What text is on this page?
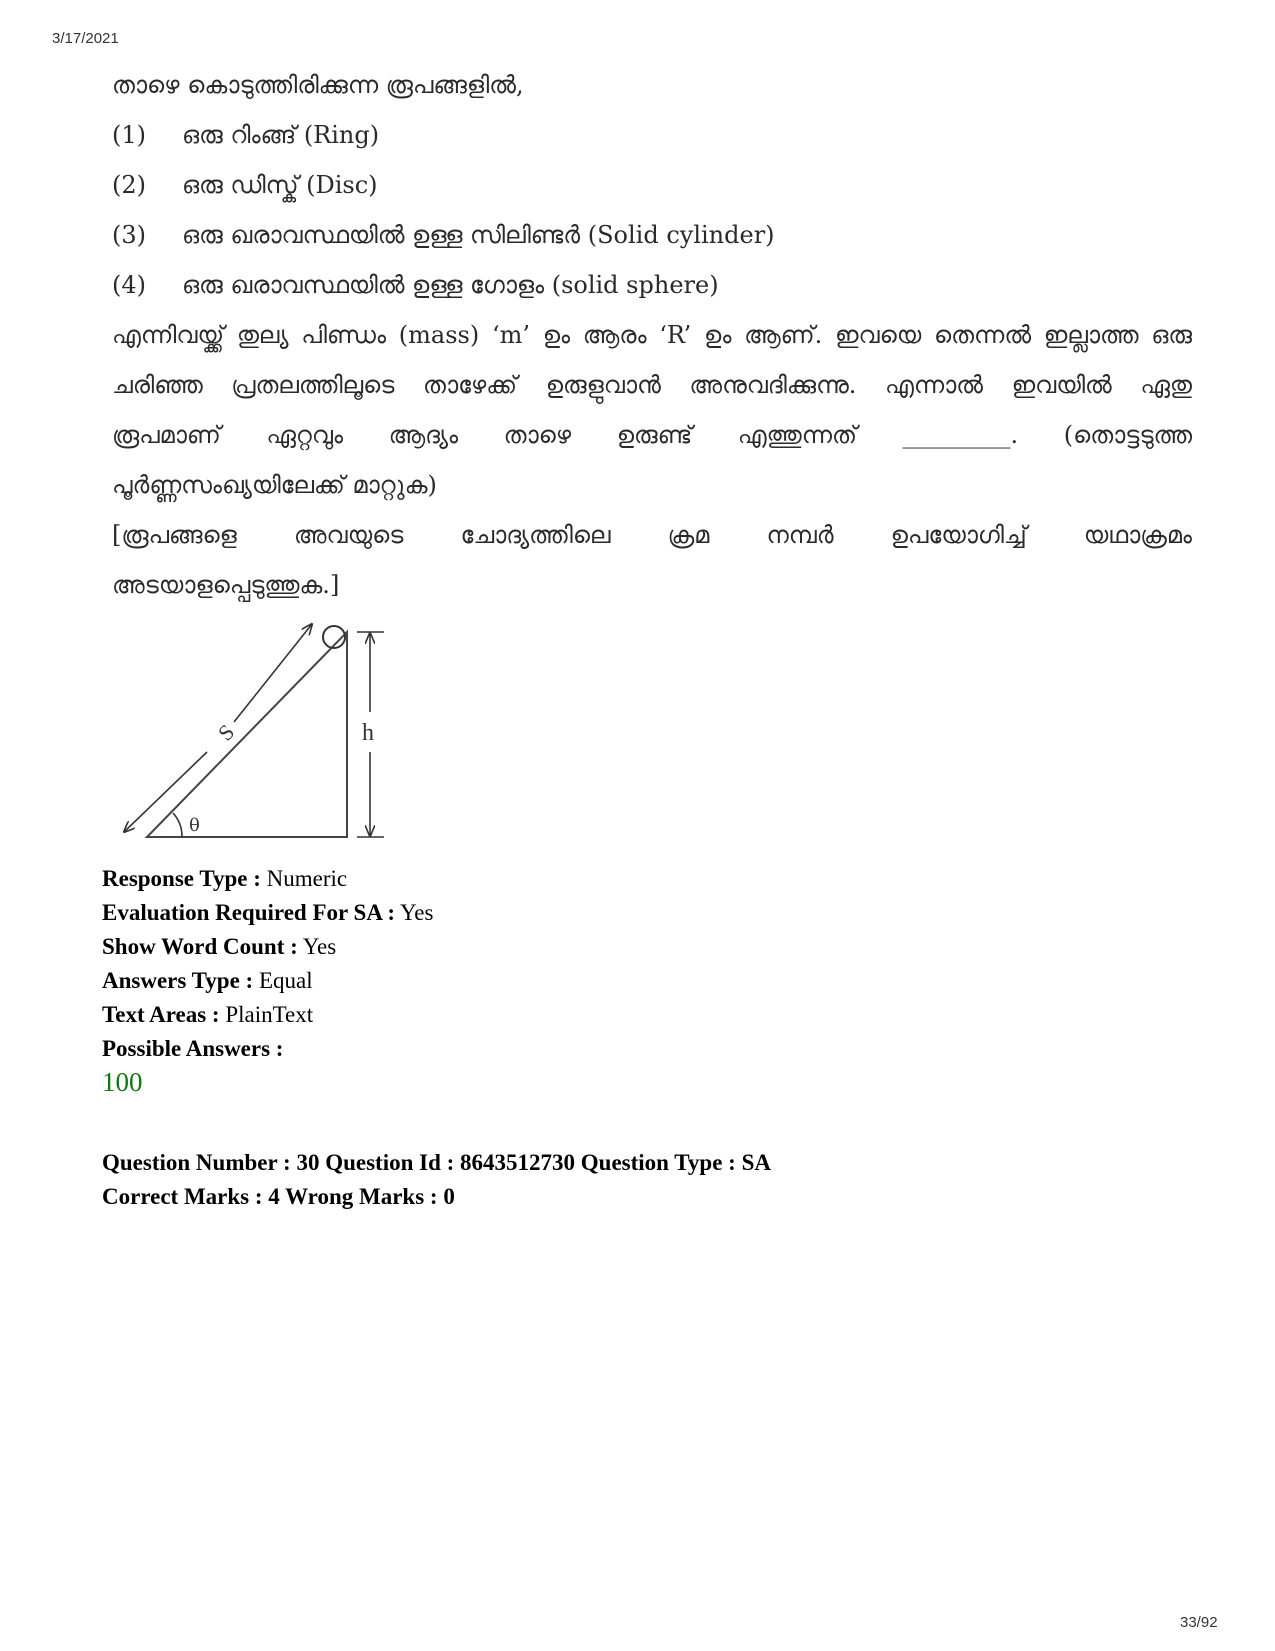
3/17/2021
താഴെ കൊടുത്തിരിക്കുന്ന രൂപങ്ങളിൽ,
(1)	ഒരു റിംങ്ങ് (Ring)
(2)	ഒരു ഡിസ്ക് (Disc)
(3)	ഒരു ഖരാവസ്ഥയിൽ ഉള്ള സിലിണ്ടർ (Solid cylinder)
(4)	ഒരു ഖരാവസ്ഥയിൽ ഉള്ള ഗോളം (solid sphere)
എന്നിവയ്ക്ക് തുല്യ പിണ്ഡം (mass) ‘m’ ഉം ആരം ‘R’ ഉം ആണ്. ഇവയെ തെന്നൽ ഇല്ലാത്ത ഒരു
ചരിഞ്ഞ പ്രതലത്തിലൂടെ താഴേക്ക് ഉരുളുവാൻ അനുവദിക്കുന്നു. എന്നാൽ ഇവയിൽ ഏതു
രൂപമാണ് ഏറ്റവും ആദ്യം താഴെ ഉരുണ്ട് എത്തുന്നത് _________. (തൊട്ടടുത്ത
പൂർണ്ണസംഖ്യയിലേക്ക് മാറ്റുക)
[രൂപങ്ങളെ അവയുടെ ചോദ്യത്തിലെ ക്രമ നമ്പർ ഉപയോഗിച്ച് യഥാക്രമം
അടയാളപ്പെടുത്തുക.]
S	h
θ
Response Type : Numeric
Evaluation Required For SA : Yes
Show Word Count : Yes
Answers Type : Equal
Text Areas : PlainText
Possible Answers :
100
Question Number : 30 Question Id : 8643512730 Question Type : SA
Correct Marks : 4 Wrong Marks : 0
33/92
